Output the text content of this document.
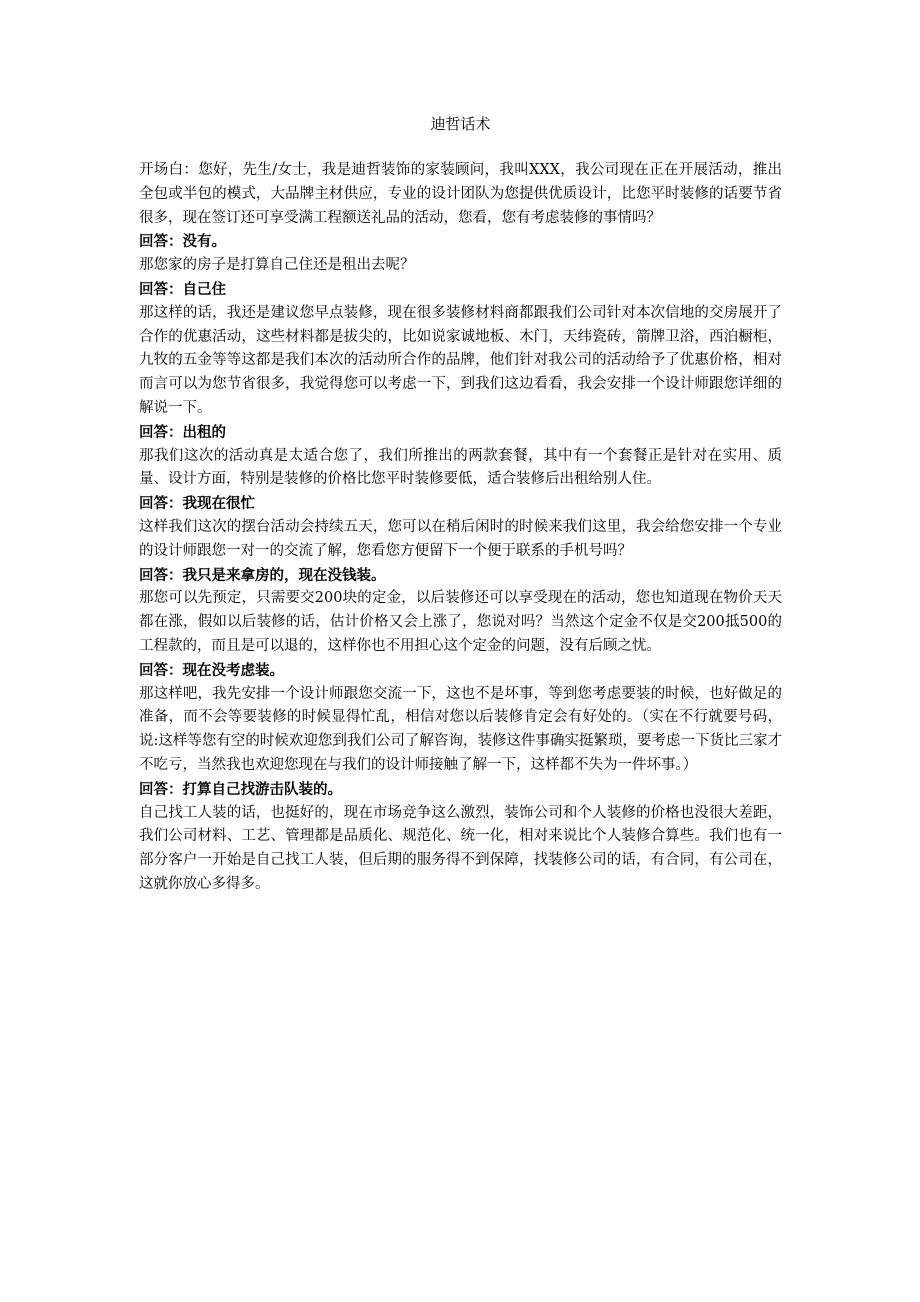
迪哲话术

开场白：您好，先生/女士，我是迪哲装饰的家装顾问，我叫XXX，我公司现在正在开展活动，推出全包或半包的模式，大品牌主材供应，专业的设计团队为您提供优质设计，比您平时装修的话要节省很多，现在签订还可享受满工程额送礼品的活动，您看，您有考虑装修的事情吗？

回答：没有。

那您家的房子是打算自己住还是租出去呢？

回答：自己住

那这样的话，我还是建议您早点装修，现在很多装修材料商都跟我们公司针对本次信地的交房展开了合作的优惠活动，这些材料都是拔尖的，比如说家诚地板、木门，天纬瓷砖，箭牌卫浴，西泊橱柜，九牧的五金等等这都是我们本次的活动所合作的品牌，他们针对我公司的活动给予了优惠价格，相对而言可以为您节省很多，我觉得您可以考虑一下，到我们这边看看，我会安排一个设计师跟您详细的解说一下。

回答：出租的

那我们这次的活动真是太适合您了，我们所推出的两款套餐，其中有一个套餐正是针对在实用、质量、设计方面，特别是装修的价格比您平时装修要低，适合装修后出租给别人住。

回答：我现在很忙

这样我们这次的摆台活动会持续五天，您可以在稍后闲时的时候来我们这里，我会给您安排一个专业的设计师跟您一对一的交流了解，您看您方便留下一个便于联系的手机号吗？

回答：我只是来拿房的，现在没钱装。

那您可以先预定，只需要交200块的定金，以后装修还可以享受现在的活动，您也知道现在物价天天都在涨，假如以后装修的话，估计价格又会上涨了，您说对吗？当然这个定金不仅是交200抵500的工程款的，而且是可以退的，这样你也不用担心这个定金的问题，没有后顾之忧。

回答：现在没考虑装。

那这样吧，我先安排一个设计师跟您交流一下，这也不是坏事，等到您考虑要装的时候，也好做足的准备，而不会等要装修的时候显得忙乱，相信对您以后装修肯定会有好处的。（实在不行就要号码，说:这样等您有空的时候欢迎您到我们公司了解咨询，装修这件事确实挺繁琐，要考虑一下货比三家才不吃亏，当然我也欢迎您现在与我们的设计师接触了解一下，这样都不失为一件坏事。）

回答：打算自己找游击队装的。

自己找工人装的话，也挺好的，现在市场竞争这么激烈，装饰公司和个人装修的价格也没很大差距，我们公司材料、工艺、管理都是品质化、规范化、统一化，相对来说比个人装修合算些。我们也有一部分客户一开始是自己找工人装，但后期的服务得不到保障，找装修公司的话，有合同，有公司在，这就你放心多得多。
